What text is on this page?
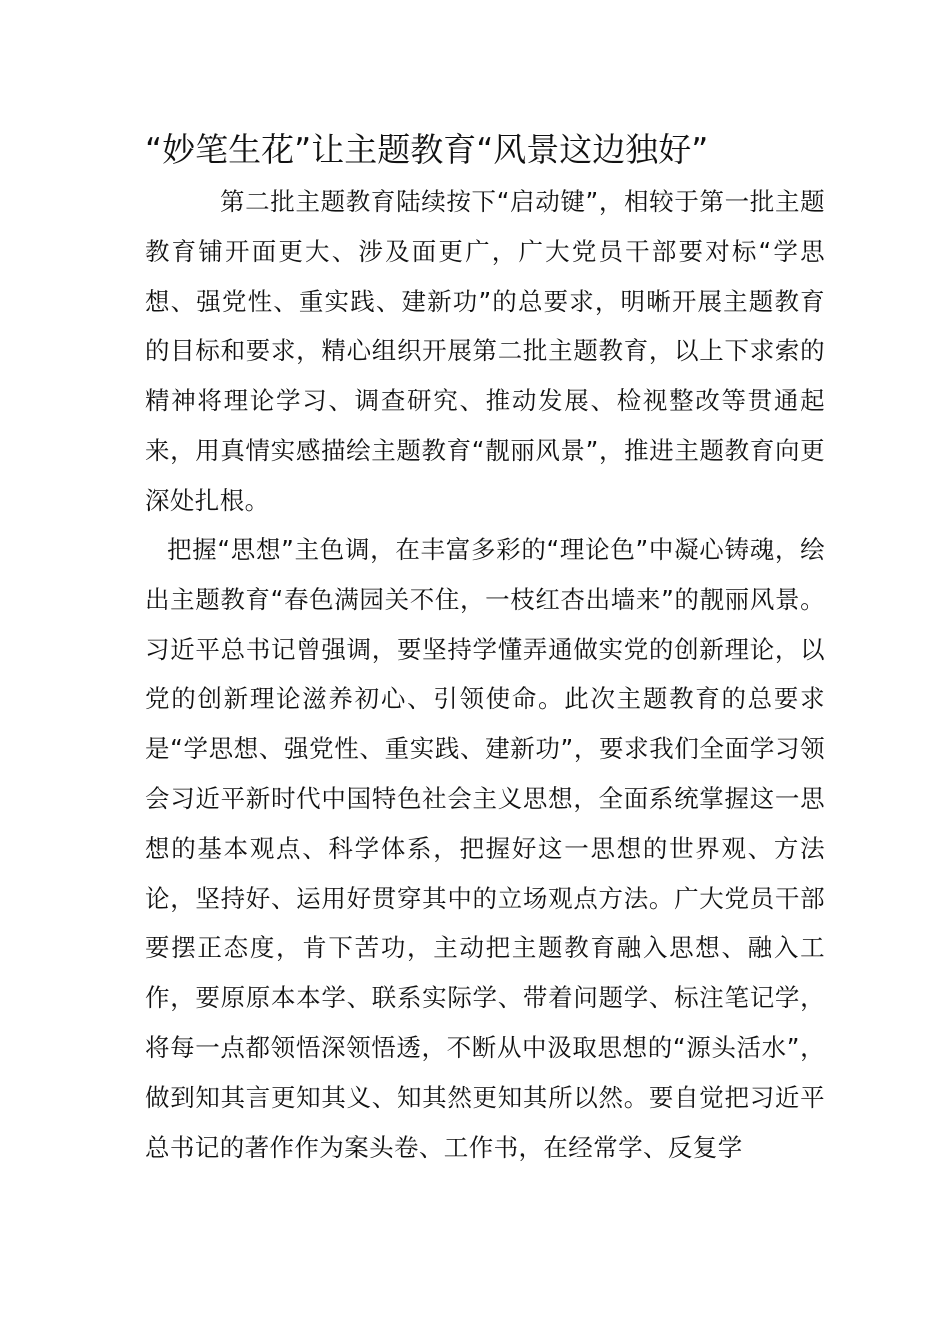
“妙笔生花”让主题教育“风景这边独好”

第二批主题教育陆续按下“启动键”，相较于第一批主题教育铺开面更大、涉及面更广，广大党员干部要对标“学思想、强党性、重实践、建新功”的总要求，明晰开展主题教育的目标和要求，精心组织开展第二批主题教育，以上下求索的精神将理论学习、调查研究、推动发展、检视整改等贯通起来，用真情实感描绘主题教育“靓丽风景”，推进主题教育向更深处扎根。

把握“思想”主色调，在丰富多彩的“理论色”中凝心铸魂，绘出主题教育“春色满园关不住，一枝红杏出墙来”的靓丽风景。习近平总书记曾强调，要坚持学懂弄通做实党的创新理论，以党的创新理论滋养初心、引领使命。此次主题教育的总要求是“学思想、强党性、重实践、建新功”，要求我们全面学习领会习近平新时代中国特色社会主义思想，全面系统掌握这一思想的基本观点、科学体系，把握好这一思想的世界观、方法论，坚持好、运用好贯穿其中的立场观点方法。广大党员干部要摆正态度，肯下苦功，主动把主题教育融入思想、融入工作，要原原本本学、联系实际学、带着问题学、标注笔记学，将每一点都领悟深领悟透，不断从中汲取思想的“源头活水”，做到知其言更知其义、知其然更知其所以然。要自觉把习近平总书记的著作作为案头卷、工作书，在经常学、反复学
